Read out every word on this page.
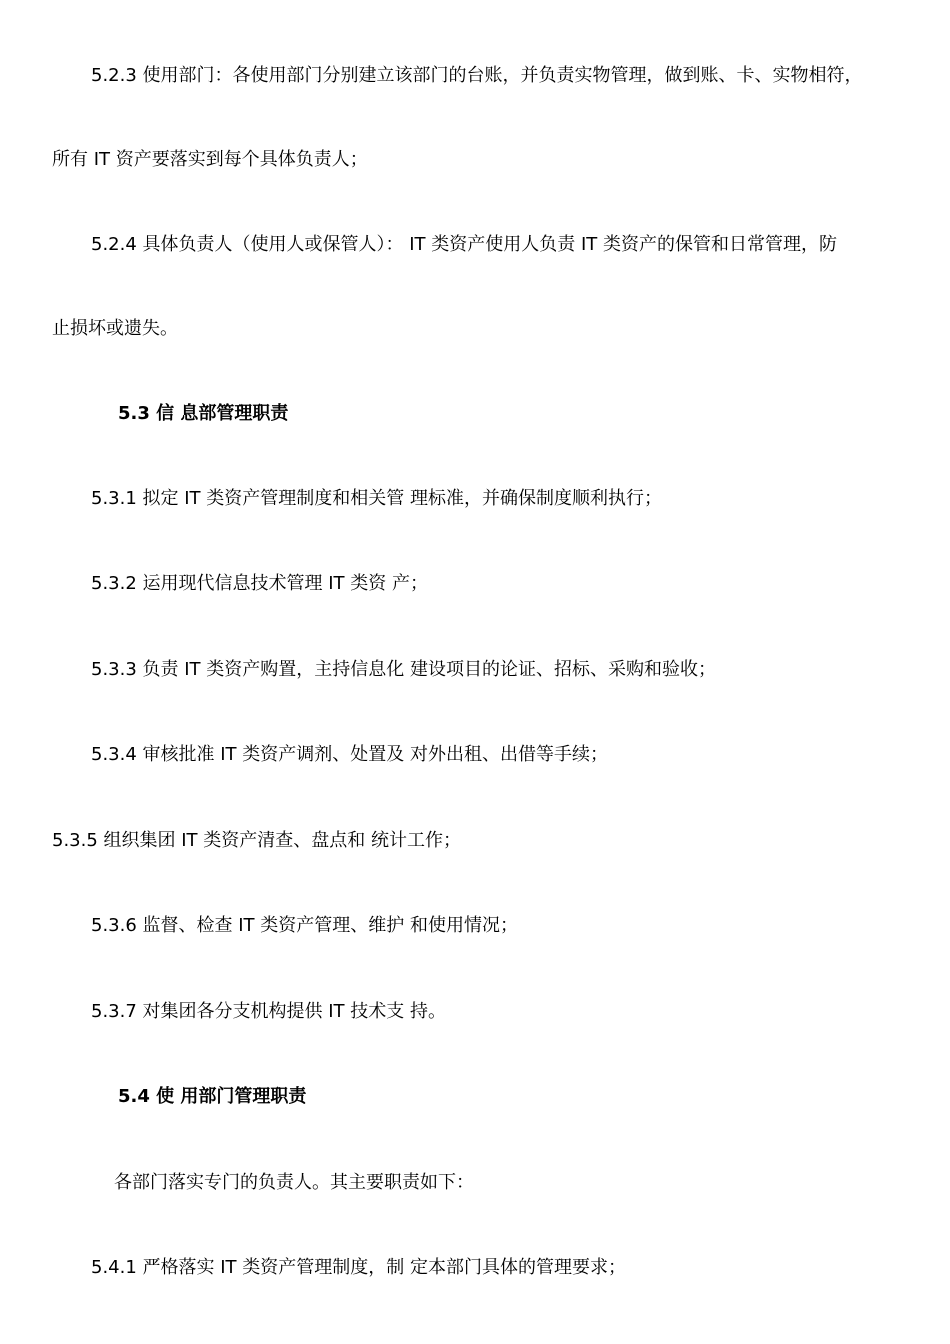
5.2.3 使用部门：各使用部门分别建立该部门的台账，并负责实物管理，做到账、卡、实物相符，
所有 IT 资产要落实到每个具体负责人；
5.2.4 具体负责人（使用人或保管人）： IT 类资产使用人负责 IT 类资产的保管和日常管理，防
止损坏或遗失。
5.3 信 息部管理职责
5.3.1 拟定 IT 类资产管理制度和相关管 理标准，并确保制度顺利执行；
5.3.2 运用现代信息技术管理 IT 类资 产；
5.3.3 负责 IT 类资产购置，主持信息化 建设项目的论证、招标、采购和验收；
5.3.4 审核批准 IT 类资产调剂、处置及 对外出租、出借等手续；
5.3.5 组织集团 IT 类资产清查、盘点和 统计工作；
5.3.6 监督、检查 IT 类资产管理、维护 和使用情况；
5.3.7 对集团各分支机构提供 IT 技术支 持。
5.4 使 用部门管理职责
各部门落实专门的负责人。其主要职责如下：
5.4.1 严格落实 IT 类资产管理制度，制 定本部门具体的管理要求；
